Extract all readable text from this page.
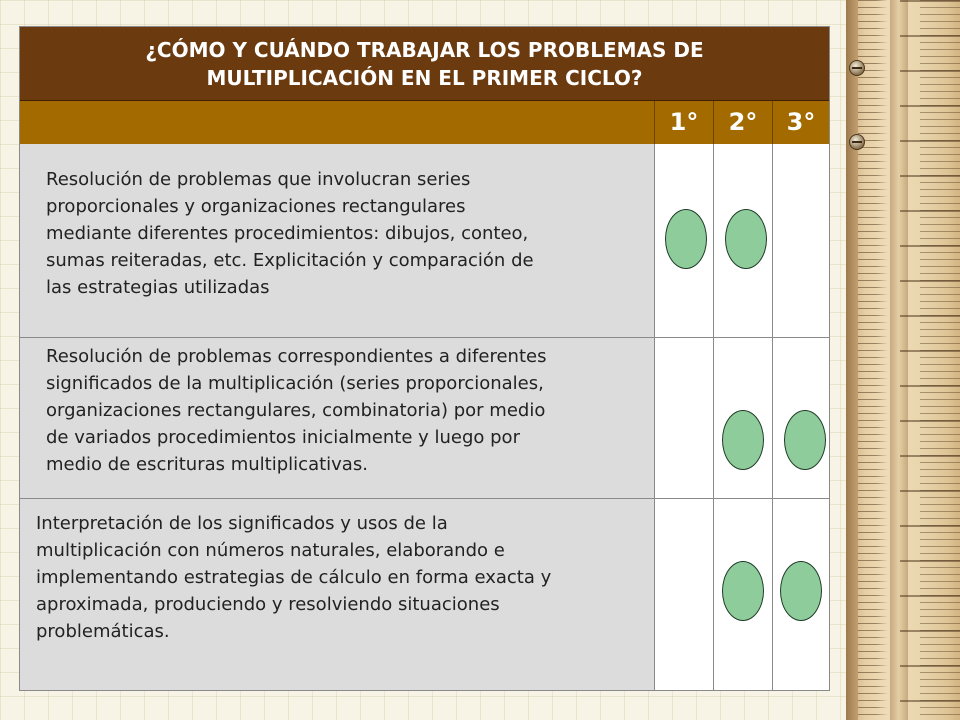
¿CÓMO Y CUÁNDO TRABAJAR LOS PROBLEMAS DE
MULTIPLICACIÓN EN EL PRIMER CICLO?
1°	2°	3°
Resolución de problemas que involucran series
proporcionales y organizaciones rectangulares
mediante diferentes procedimientos: dibujos, conteo,
sumas reiteradas, etc. Explicitación y comparación de
las estrategias utilizadas
Resolución de problemas correspondientes a diferentes
significados de la multiplicación (series proporcionales,
organizaciones rectangulares, combinatoria) por medio
de variados procedimientos inicialmente y luego por
medio de escrituras multiplicativas.
Interpretación de los significados y usos de la
multiplicación con números naturales, elaborando e
implementando estrategias de cálculo en forma exacta y
aproximada, produciendo y resolviendo situaciones
problemáticas.
